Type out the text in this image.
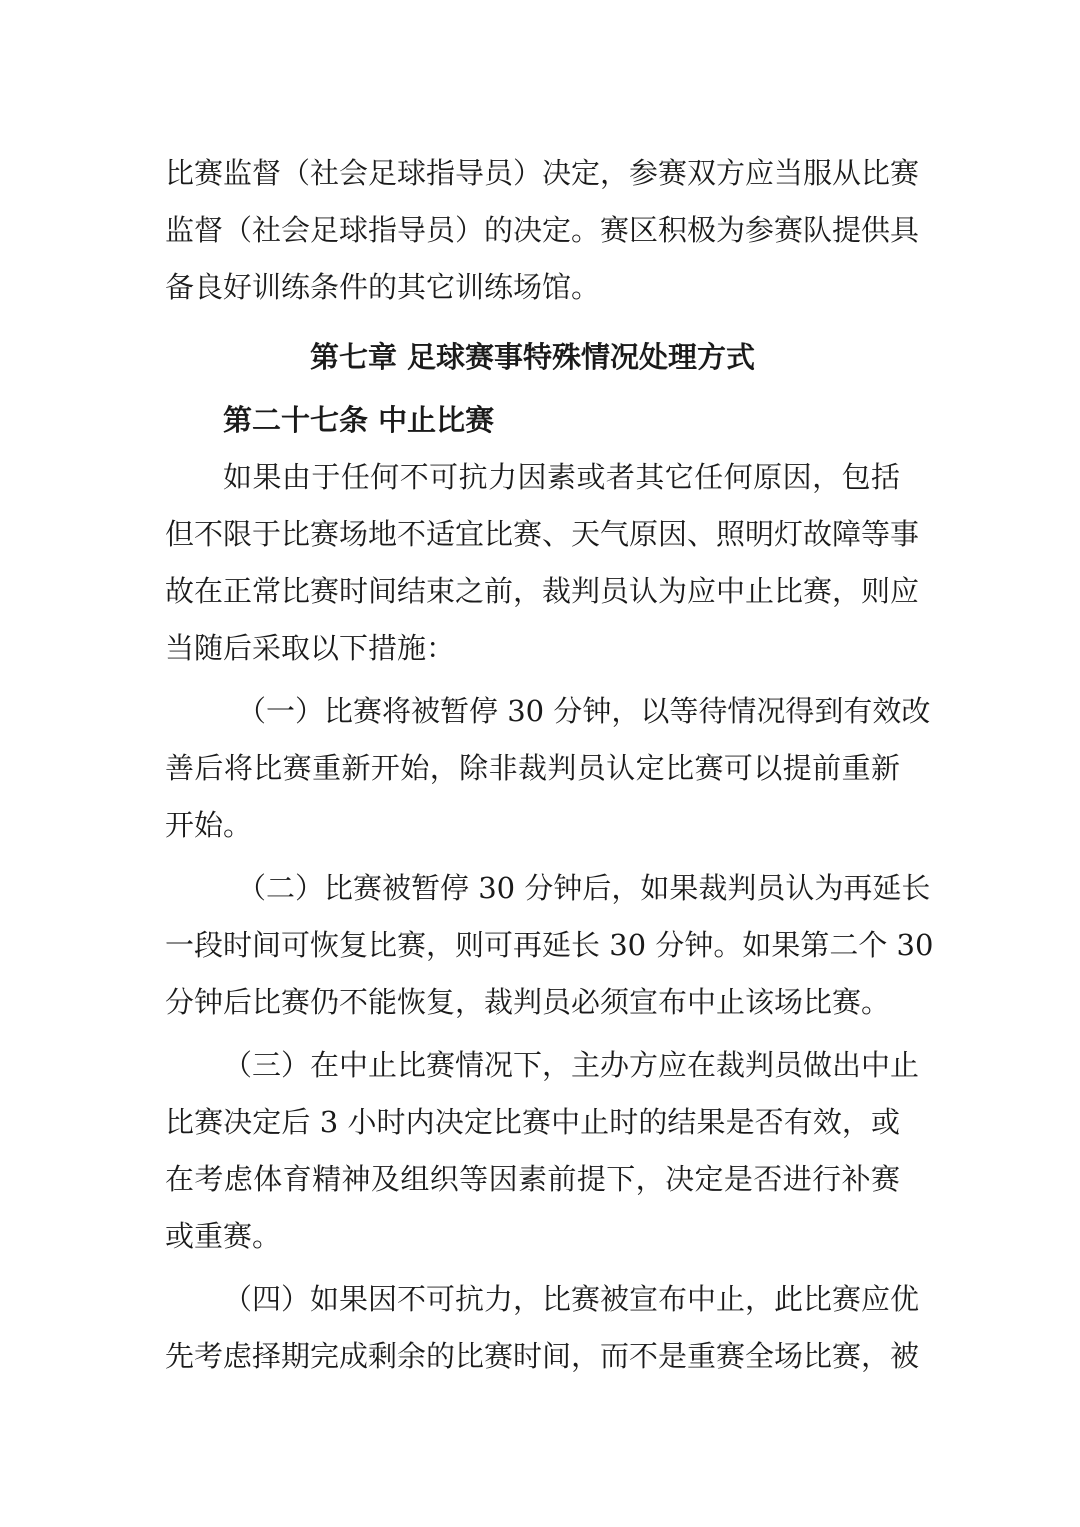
比赛监督（社会足球指导员）决定，参赛双方应当服从比赛
监督（社会足球指导员）的决定。赛区积极为参赛队提供具
备良好训练条件的其它训练场馆。
第七章 足球赛事特殊情况处理方式
第二十七条 中止比赛
如果由于任何不可抗力因素或者其它任何原因，包括
但不限于比赛场地不适宜比赛、天气原因、照明灯故障等事
故在正常比赛时间结束之前，裁判员认为应中止比赛，则应
当随后采取以下措施：
（一）比赛将被暂停 30 分钟，以等待情况得到有效改
善后将比赛重新开始，除非裁判员认定比赛可以提前重新
开始。
（二）比赛被暂停 30 分钟后，如果裁判员认为再延长
一段时间可恢复比赛，则可再延长 30 分钟。如果第二个 30
分钟后比赛仍不能恢复，裁判员必须宣布中止该场比赛。
（三）在中止比赛情况下，主办方应在裁判员做出中止
比赛决定后 3 小时内决定比赛中止时的结果是否有效，或
在考虑体育精神及组织等因素前提下，决定是否进行补赛
或重赛。
（四）如果因不可抗力，比赛被宣布中止，此比赛应优
先考虑择期完成剩余的比赛时间，而不是重赛全场比赛，被
